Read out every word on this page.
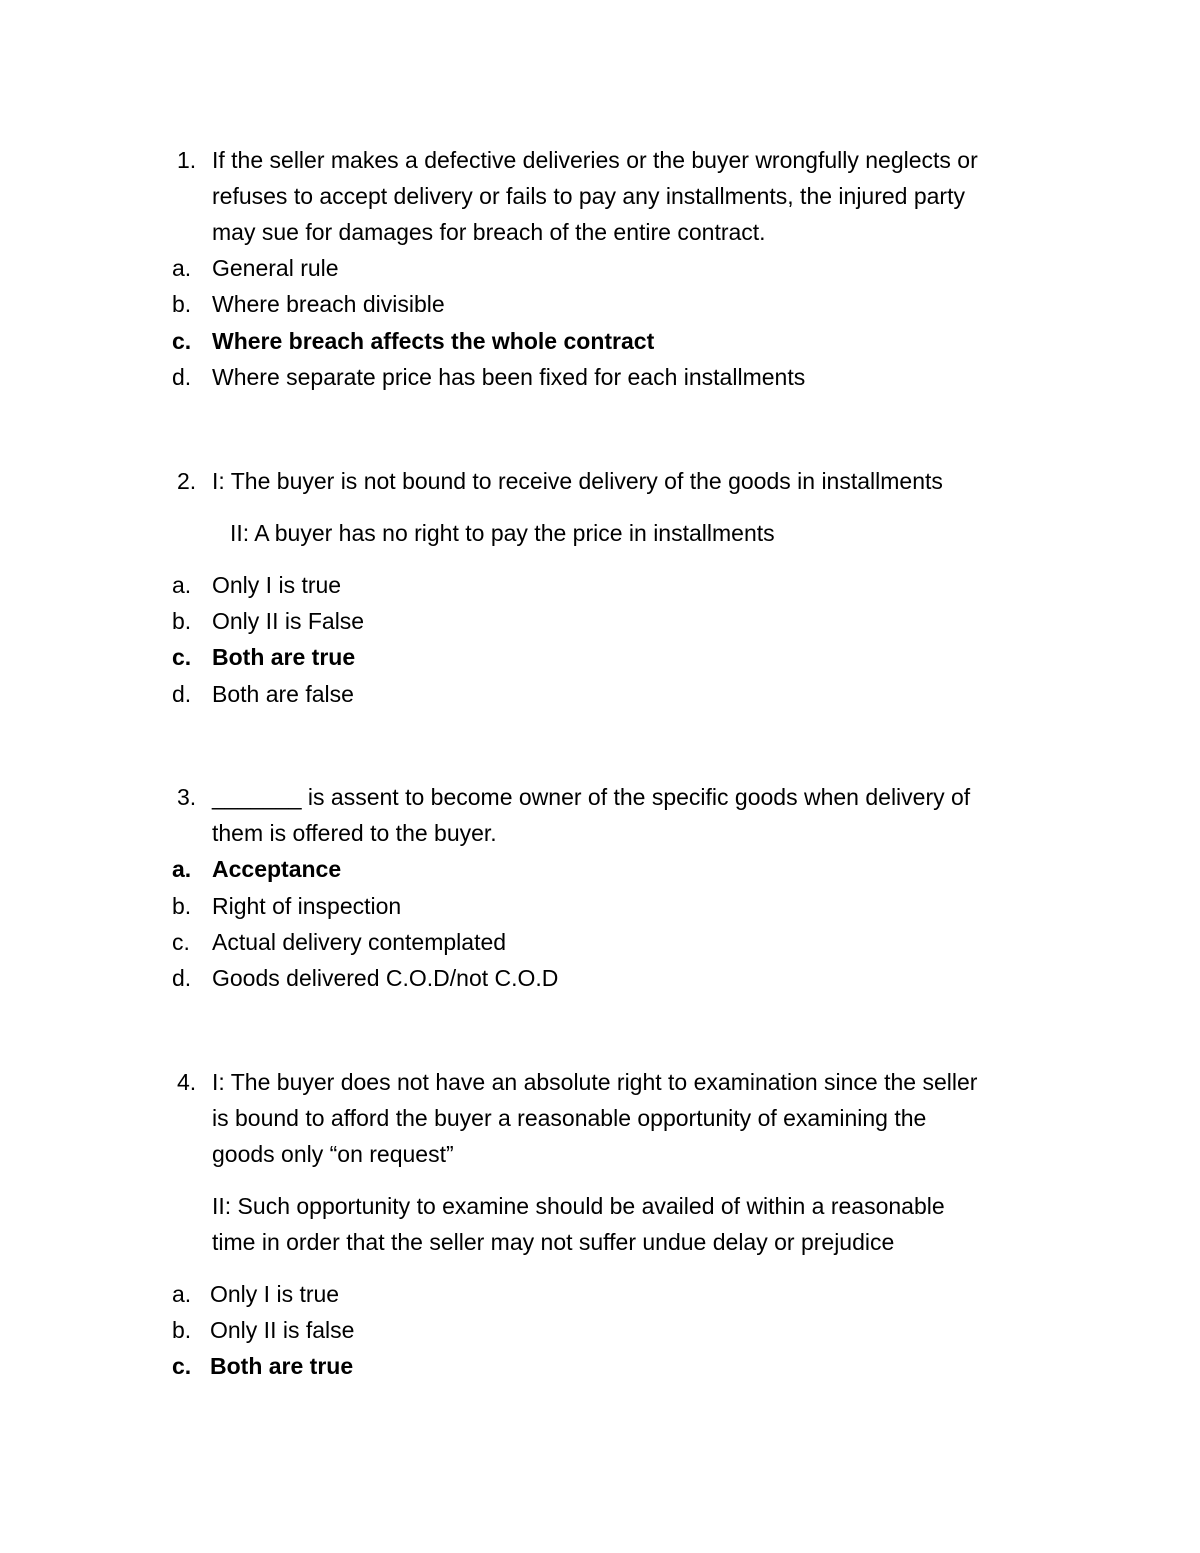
1. If the seller makes a defective deliveries or the buyer wrongfully neglects or
refuses to accept delivery or fails to pay any installments, the injured party
may sue for damages for breach of the entire contract.
a. General rule
b. Where breach divisible
c. Where breach affects the whole contract
d. Where separate price has been fixed for each installments
2. I: The buyer is not bound to receive delivery of the goods in installments
II: A buyer has no right to pay the price in installments
a. Only I is true
b. Only II is False
c. Both are true
d. Both are false
3. _______ is assent to become owner of the specific goods when delivery of
them is offered to the buyer.
a. Acceptance
b. Right of inspection
c. Actual delivery contemplated
d. Goods delivered C.O.D/not C.O.D
4. I: The buyer does not have an absolute right to examination since the seller
is bound to afford the buyer a reasonable opportunity of examining the
goods only “on request”
II: Such opportunity to examine should be availed of within a reasonable
time in order that the seller may not suffer undue delay or prejudice
a. Only I is true
b. Only II is false
c. Both are true
